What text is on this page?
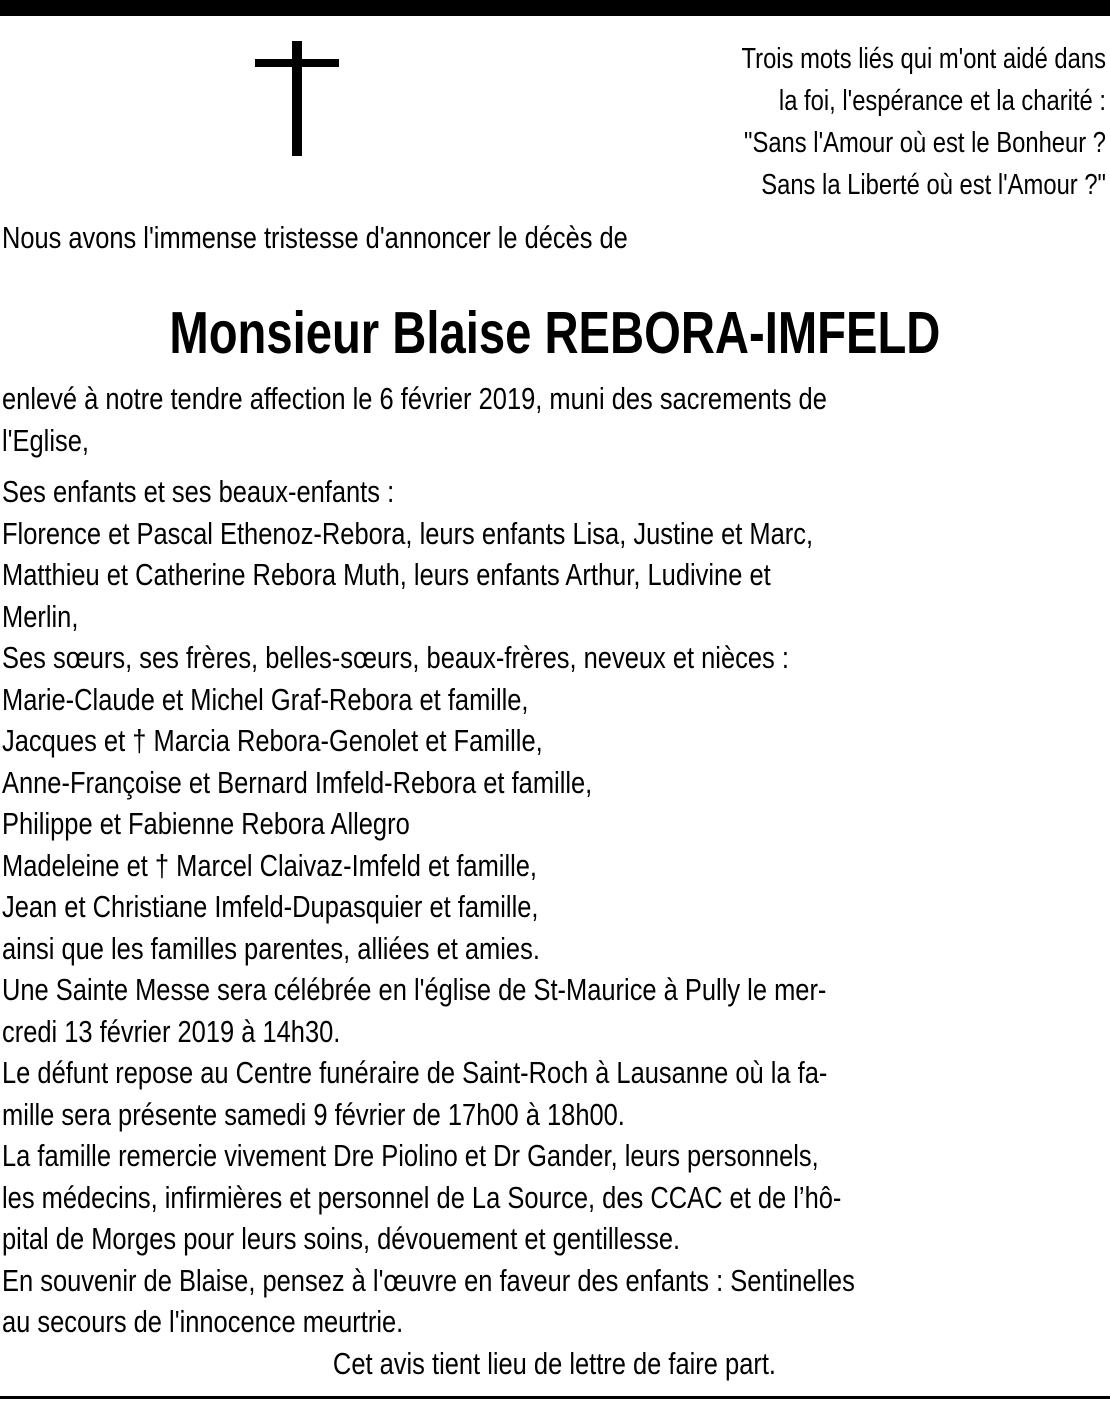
Trois mots liés qui m'ont aidé dans
la foi, l'espérance et la charité :
"Sans l'Amour où est le Bonheur ?
Sans la Liberté où est l'Amour ?"
Nous avons l'immense tristesse d'annoncer le décès de
Monsieur Blaise REBORA-IMFELD
enlevé à notre tendre affection le 6 février 2019, muni des sacrements de
l'Eglise,
Ses enfants et ses beaux-enfants :
Florence et Pascal Ethenoz-Rebora, leurs enfants Lisa, Justine et Marc,
Matthieu et Catherine Rebora Muth, leurs enfants Arthur, Ludivine et
Merlin,
Ses sœurs, ses frères, belles-sœurs, beaux-frères, neveux et nièces :
Marie-Claude et Michel Graf-Rebora et famille,
Jacques et † Marcia Rebora-Genolet et Famille,
Anne-Françoise et Bernard Imfeld-Rebora et famille,
Philippe et Fabienne Rebora Allegro
Madeleine et † Marcel Claivaz-Imfeld et famille,
Jean et Christiane Imfeld-Dupasquier et famille,
ainsi que les familles parentes, alliées et amies.
Une Sainte Messe sera célébrée en l'église de St-Maurice à Pully le mer-
credi 13 février 2019 à 14h30.
Le défunt repose au Centre funéraire de Saint-Roch à Lausanne où la fa-
mille sera présente samedi 9 février de 17h00 à 18h00.
La famille remercie vivement Dre Piolino et Dr Gander, leurs personnels,
les médecins, infirmières et personnel de La Source, des CCAC et de l’hô-
pital de Morges pour leurs soins, dévouement et gentillesse.
En souvenir de Blaise, pensez à l'œuvre en faveur des enfants : Sentinelles
au secours de l'innocence meurtrie.
Cet avis tient lieu de lettre de faire part.
